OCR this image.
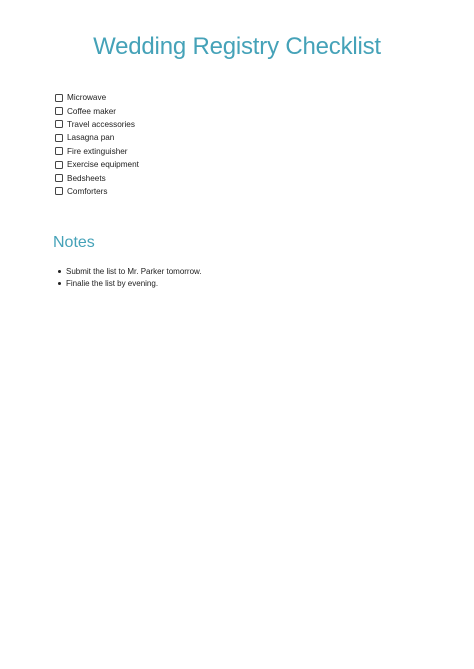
Wedding Registry Checklist
Microwave
Coffee maker
Travel accessories
Lasagna pan
Fire extinguisher
Exercise equipment
Bedsheets
Comforters
Notes
Submit the list to Mr. Parker tomorrow.
Finalie the list by evening.
